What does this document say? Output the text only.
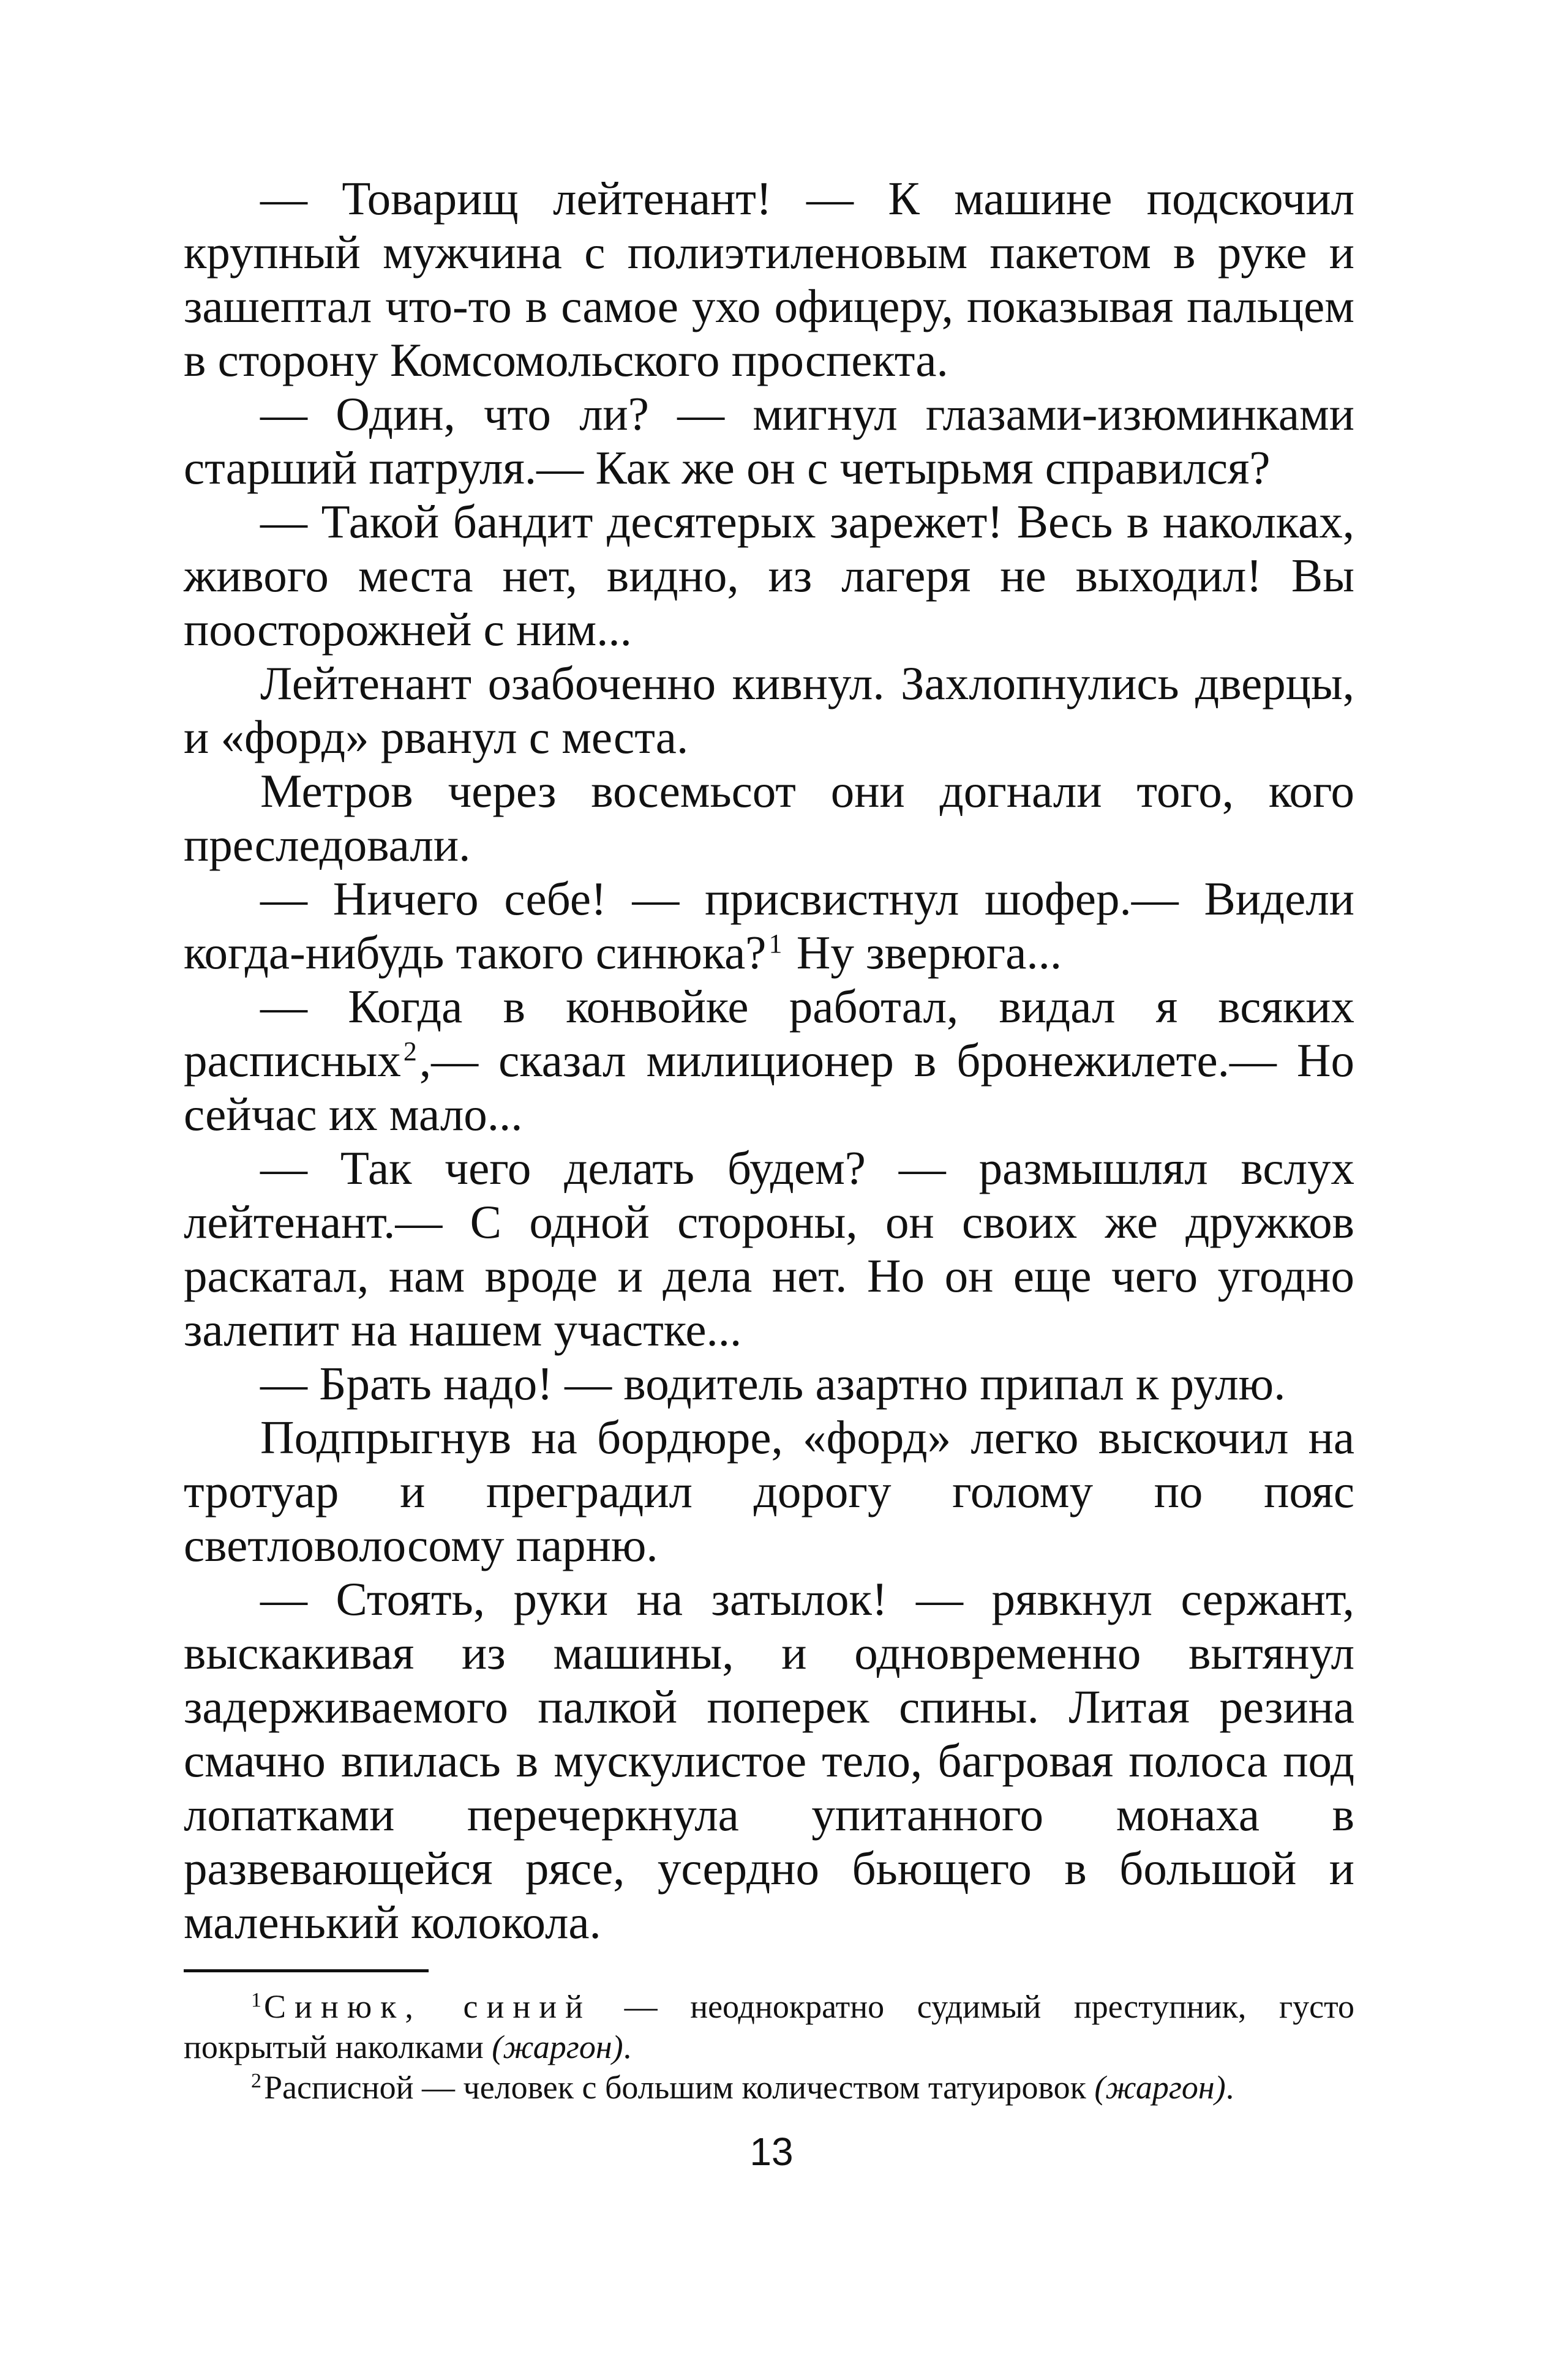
— Товарищ лейтенант! — К машине подскочил крупный мужчина с полиэтиленовым пакетом в руке и зашептал что-то в самое ухо офицеру, показывая пальцем в сторону Комсомольского проспекта.

— Один, что ли? — мигнул глазами-изюминками старший патруля.— Как же он с четырьмя справился?

— Такой бандит десятерых зарежет! Весь в наколках, живого места нет, видно, из лагеря не выходил! Вы поосторожней с ним...

Лейтенант озабоченно кивнул. Захлопнулись дверцы, и «форд» рванул с места.

Метров через восемьсот они догнали того, кого преследовали.

— Ничего себе! — присвистнул шофер.— Видели когда-нибудь такого синюка?$^1$ Ну зверюга...

— Когда в конвойке работал, видал я всяких расписных$^2$,— сказал милиционер в бронежилете.— Но сейчас их мало...

— Так чего делать будем? — размышлял вслух лейтенант.— С одной стороны, он своих же дружков раскатал, нам вроде и дела нет. Но он еще чего угодно залепит на нашем участке...

— Брать надо! — водитель азартно припал к рулю.

Подпрыгнув на бордюре, «форд» легко выскочил на тротуар и преградил дорогу голому по пояс светловолосому парню.

— Стоять, руки на затылок! — рявкнул сержант, выскакивая из машины, и одновременно вытянул задерживаемого палкой поперек спины. Литая резина смачно впилась в мускулистое тело, багровая полоса под лопатками перечеркнула упитанного монаха в развевающейся рясе, усердно бьющего в большой и маленький колокола.

$^1$Синюк, синий — неоднократно судимый преступник, густо покрытый наколками (жаргон).

$^2$Расписной — человек с большим количеством татуировок (жаргон).

13
